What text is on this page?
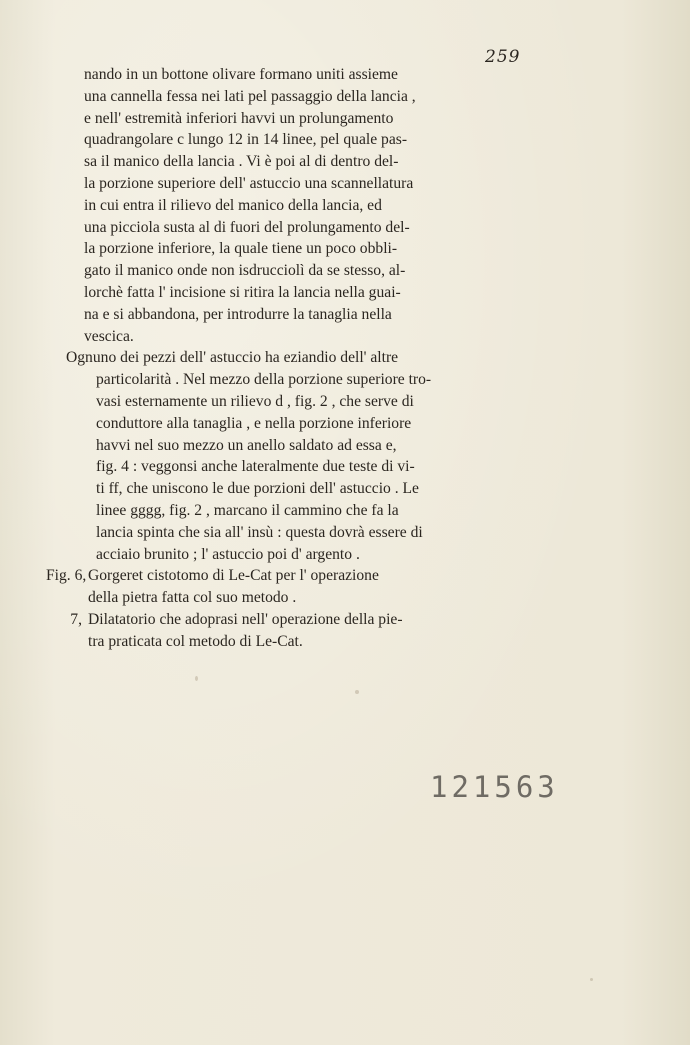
259
nando in un bottone olivare formano uniti assieme
una cannella fessa nei lati pel passaggio della lancia ,
e nell' estremità inferiori havvi un prolungamento
quadrangolare c lungo 12 in 14 linee, pel quale pas-
sa il manico della lancia . Vi è poi al di dentro del-
la porzione superiore dell' astuccio una scannellatura
in cui entra il rilievo del manico della lancia, ed
una picciola susta al di fuori del prolungamento del-
la porzione inferiore, la quale tiene un poco obbli-
gato il manico onde non isdrucciolì da se stesso, al-
lorchè fatta l' incisione si ritira la lancia nella guai-
na e si abbandona, per introdurre la tanaglia nella
vescica.
Ognuno dei pezzi dell' astuccio ha eziandio dell' altre
particolarità . Nel mezzo della porzione superiore tro-
vasi esternamente un rilievo d , fig. 2 , che serve di
conduttore alla tanaglia , e nella porzione inferiore
havvi nel suo mezzo un anello saldato ad essa e,
fig. 4 : veggonsi anche lateralmente due teste di vi-
ti ff, che uniscono le due porzioni dell' astuccio . Le
linee gggg, fig. 2 , marcano il cammino che fa la
lancia spinta che sia all' insù : questa dovrà essere di
acciaio brunito ; l' astuccio poi d' argento .
Fig. 6, Gorgeret cistotomo di Le-Cat per l' operazione
della pietra fatta col suo metodo .
7, Dilatatorio che adoprasi nell' operazione della pie-
tra praticata col metodo di Le-Cat.
121563
